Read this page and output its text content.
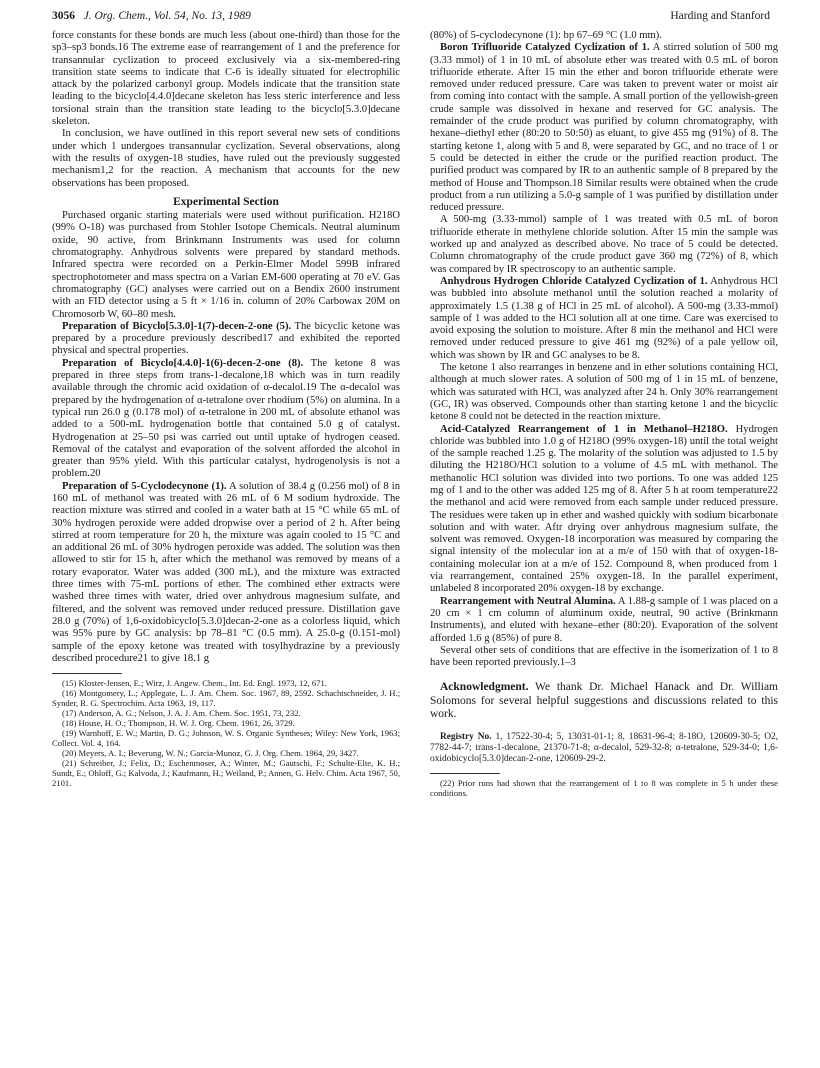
3056 J. Org. Chem., Vol. 54, No. 13, 1989	Harding and Stanford

force constants for these bonds are much less (about one-third) than those for the sp3–sp3 bonds.16 The extreme ease of rearrangement of 1 and the preference for transannular cyclization to proceed exclusively via a six-membered-ring transition state seems to indicate that C-6 is ideally situated for electrophilic attack by the polarized carbonyl group. Models indicate that the transition state leading to the bicyclo[4.4.0]decane skeleton has less steric interference and less torsional strain than the transition state leading to the bicyclo[5.3.0]decane skeleton.

In conclusion, we have outlined in this report several new sets of conditions under which 1 undergoes transannular cyclization. Several observations, along with the results of oxygen-18 studies, have ruled out the previously suggested mechanism1,2 for the reaction. A mechanism that accounts for the new observations has been proposed.

Experimental Section

Purchased organic starting materials were used without purification. H218O (99% O-18) was purchased from Stohler Isotope Chemicals. Neutral aluminum oxide, 90 active, from Brinkmann Instruments was used for column chromatography. Anhydrous solvents were prepared by standard methods. Infrared spectra were recorded on a Perkin-Elmer Model 599B infrared spectrophotometer and mass spectra on a Varian EM-600 operating at 70 eV. Gas chromatography (GC) analyses were carried out on a Bendix 2600 instrument with an FID detector using a 5 ft × 1/16 in. column of 20% Carbowax 20M on Chromosorb W, 60–80 mesh.

Preparation of Bicyclo[5.3.0]-1(7)-decen-2-one (5). The bicyclic ketone was prepared by a procedure previously described17 and exhibited the reported physical and spectral properties.

Preparation of Bicyclo[4.4.0]-1(6)-decen-2-one (8). The ketone 8 was prepared in three steps from trans-1-decalone,18 which was in turn readily available through the chromic acid oxidation of α-decalol.19 The α-decalol was prepared by the hydrogenation of α-tetralone over rhodium (5%) on alumina. In a typical run 26.0 g (0.178 mol) of α-tetralone in 200 mL of absolute ethanol was added to a 500-mL hydrogenation bottle that contained 5.0 g of catalyst. Hydrogenation at 25–50 psi was carried out until uptake of hydrogen ceased. Removal of the catalyst and evaporation of the solvent afforded the alcohol in greater than 95% yield. With this particular catalyst, hydrogenolysis is not a problem.20

Preparation of 5-Cyclodecynone (1). A solution of 38.4 g (0.256 mol) of 8 in 160 mL of methanol was treated with 26 mL of 6 M sodium hydroxide. The reaction mixture was stirred and cooled in a water bath at 15 °C while 65 mL of 30% hydrogen peroxide were added dropwise over a period of 2 h. After being stirred at room temperature for 20 h, the mixture was again cooled to 15 °C and an additional 26 mL of 30% hydrogen peroxide was added. The solution was then allowed to stir for 15 h, after which the methanol was removed by means of a rotary evaporator. Water was added (300 mL), and the mixture was extracted three times with 75-mL portions of ether. The combined ether extracts were washed three times with water, dried over anhydrous magnesium sulfate, and filtered, and the solvent was removed under reduced pressure. Distillation gave 28.0 g (70%) of 1,6-oxidobicyclo[5.3.0]decan-2-one as a colorless liquid, which was 95% pure by GC analysis: bp 78–81 °C (0.5 mm). A 25.0-g (0.151-mol) sample of the epoxy ketone was treated with tosylhydrazine by a previously described procedure21 to give 18.1 g

(15) Kloster-Jensen, E.; Wirz, J. Angew. Chem., Int. Ed. Engl. 1973, 12, 671.

(16) Montgomery, L.; Applegate, L. J. Am. Chem. Soc. 1967, 89, 2592. Schachtschneider, J. H.; Synder, R. G. Spectrochim. Acta 1963, 19, 117.

(17) Anderson, A. G.; Nelson, J. A. J. Am. Chem. Soc. 1951, 73, 232.

(18) House, H. O.; Thompson, H. W. J. Org. Chem. 1961, 26, 3729.

(19) Warnhoff, E. W.; Martin, D. G.; Johnson, W. S. Organic Syntheses; Wiley: New York, 1963; Collect. Vol. 4, 164.

(20) Meyers, A. I.; Beverung, W. N.; Garcia-Munoz, G. J. Org. Chem. 1964, 29, 3427.

(21) Schreiber, J.; Felix, D.; Eschenmoser, A.; Winter, M.; Gautschi, F.; Schulte-Elte, K. H.; Sundt, E.; Ohloff, G.; Kalvoda, J.; Kaufmann, H.; Weiland, P.; Annen, G. Helv. Chim. Acta 1967, 50, 2101.

(80%) of 5-cyclodecynone (1): bp 67–69 °C (1.0 mm).

Boron Trifluoride Catalyzed Cyclization of 1. A stirred solution of 500 mg (3.33 mmol) of 1 in 10 mL of absolute ether was treated with 0.5 mL of boron trifluoride etherate. After 15 min the ether and boron trifluoride etherate were removed under reduced pressure. Care was taken to prevent water or moist air from coming into contact with the sample. A small portion of the yellowish-green crude sample was dissolved in hexane and reserved for GC analysis. The remainder of the crude product was purified by column chromatography, with hexane–diethyl ether (80:20 to 50:50) as eluant, to give 455 mg (91%) of 8. The starting ketone 1, along with 5 and 8, were separated by GC, and no trace of 1 or 5 could be detected in either the crude or the purified reaction product. The purified product was compared by IR to an authentic sample of 8 prepared by the method of House and Thompson.18 Similar results were obtained when the crude product from a run utilizing a 5.0-g sample of 1 was purified by distillation under reduced pressure.

A 500-mg (3.33-mmol) sample of 1 was treated with 0.5 mL of boron trifluoride etherate in methylene chloride solution. After 15 min the sample was worked up and analyzed as described above. No trace of 5 could be detected. Column chromatography of the crude product gave 360 mg (72%) of 8, which was compared by IR spectroscopy to an authentic sample.

Anhydrous Hydrogen Chloride Catalyzed Cyclization of 1. Anhydrous HCl was bubbled into absolute methanol until the solution reached a molarity of approximately 1.5 (1.38 g of HCl in 25 mL of alcohol). A 500-mg (3.33-mmol) sample of 1 was added to the HCl solution all at one time. Care was exercised to avoid exposing the solution to moisture. After 8 min the methanol and HCl were removed under reduced pressure to give 461 mg (92%) of a pale yellow oil, which was shown by IR and GC analyses to be 8.

The ketone 1 also rearranges in benzene and in ether solutions containing HCl, although at much slower rates. A solution of 500 mg of 1 in 15 mL of benzene, which was saturated with HCl, was analyzed after 24 h. Only 30% rearrangement (GC, IR) was observed. Compounds other than starting ketone 1 and the bicyclic ketone 8 could not be detected in the reaction mixture.

Acid-Catalyzed Rearrangement of 1 in Methanol–H218O. Hydrogen chloride was bubbled into 1.0 g of H218O (99% oxygen-18) until the total weight of the sample reached 1.25 g. The molarity of the solution was adjusted to 1.5 by diluting the H218O/HCl solution to a volume of 4.5 mL with methanol. The methanolic HCl solution was divided into two portions. To one was added 125 mg of 1 and to the other was added 125 mg of 8. After 5 h at room temperature22 the methanol and acid were removed from each sample under reduced pressure. The residues were taken up in ether and washed quickly with sodium bicarbonate solution and with water. Aftr drying over anhydrous magnesium sulfate, the solvent was removed. Oxygen-18 incorporation was measured by comparing the signal intensity of the molecular ion at a m/e of 150 with that of oxygen-18-containing molecular ion at a m/e of 152. Compound 8, when produced from 1 via rearrangement, contained 25% oxygen-18. In the parallel experiment, unlabeled 8 incorporated 20% oxygen-18 by exchange.

Rearrangement with Neutral Alumina. A 1.88-g sample of 1 was placed on a 20 cm × 1 cm column of aluminum oxide, neutral, 90 active (Brinkmann Instruments), and eluted with hexane–ether (80:20). Evaporation of the solvent afforded 1.6 g (85%) of pure 8.

Several other sets of conditions that are effective in the isomerization of 1 to 8 have been reported previously.1–3

Acknowledgment. We thank Dr. Michael Hanack and Dr. William Solomons for several helpful suggestions and discussions related to this work.

Registry No. 1, 17522-30-4; 5, 13031-01-1; 8, 18631-96-4; 8-18O, 120609-30-5; O2, 7782-44-7; trans-1-decalone, 21370-71-8; α-decalol, 529-32-8; α-tetralone, 529-34-0; 1,6-oxidobicyclo[5.3.0]decan-2-one, 120609-29-2.

(22) Prior runs had shown that the rearrangement of 1 to 8 was complete in 5 h under these conditions.
